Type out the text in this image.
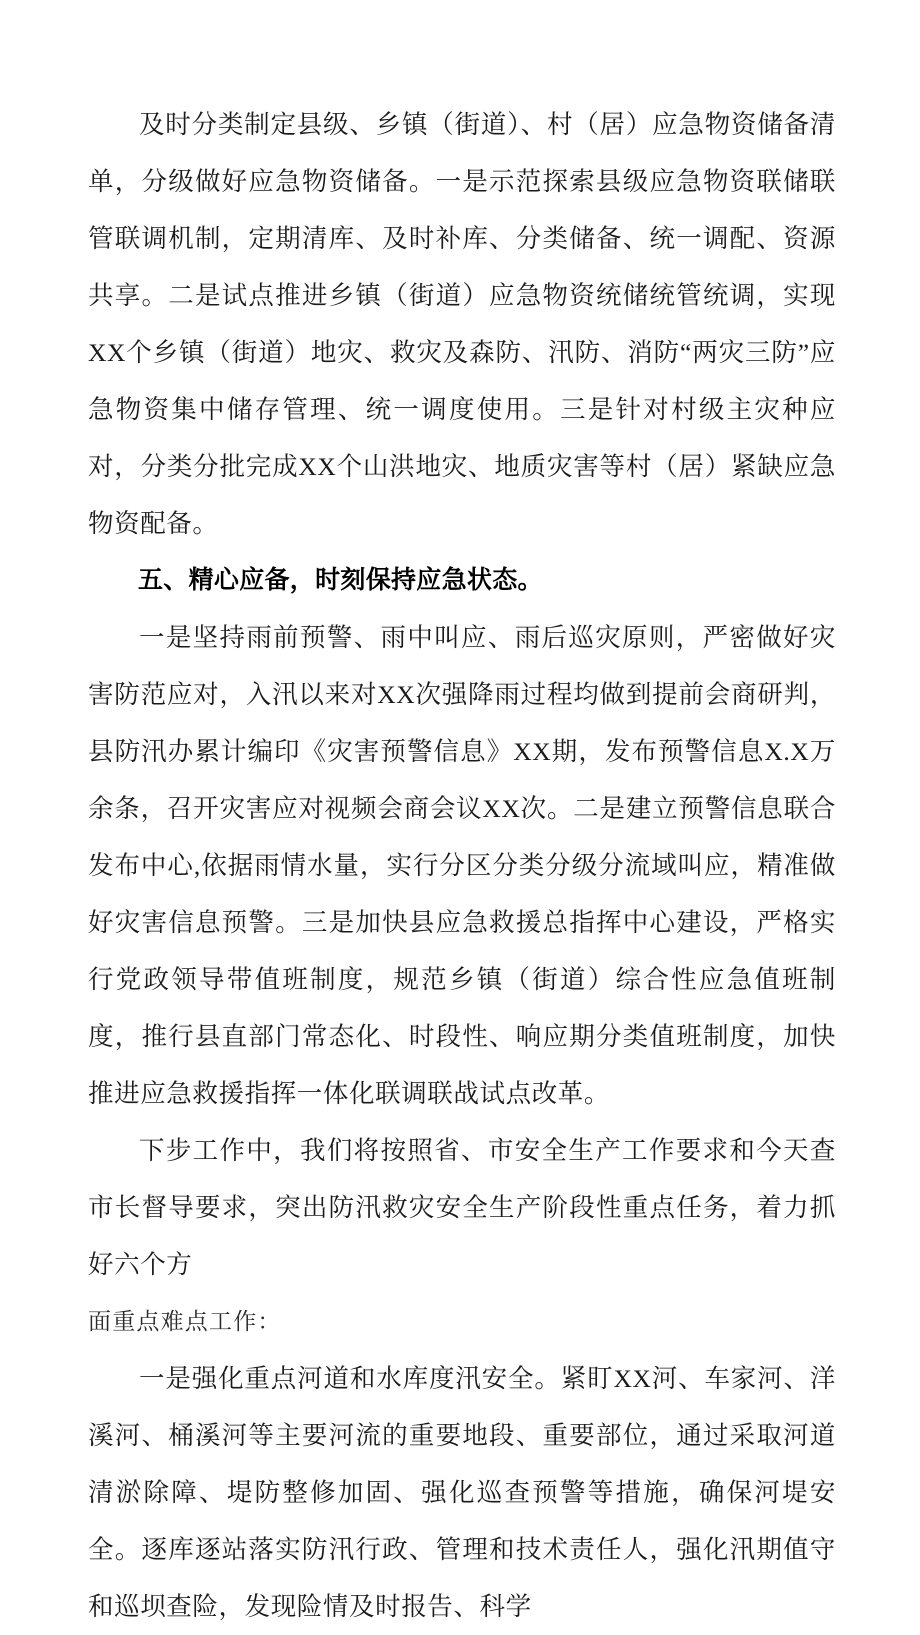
及时分类制定县级、乡镇（街道）、村（居）应急物资储备清单，分级做好应急物资储备。一是示范探索县级应急物资联储联管联调机制，定期清库、及时补库、分类储备、统一调配、资源共享。二是试点推进乡镇（街道）应急物资统储统管统调，实现XX个乡镇（街道）地灾、救灾及森防、汛防、消防“两灾三防”应急物资集中储存管理、统一调度使用。三是针对村级主灾种应对，分类分批完成XX个山洪地灾、地质灾害等村（居）紧缺应急物资配备。

五、精心应备，时刻保持应急状态。

一是坚持雨前预警、雨中叫应、雨后巡灾原则，严密做好灾害防范应对，入汛以来对XX次强降雨过程均做到提前会商研判，县防汛办累计编印《灾害预警信息》XX期，发布预警信息X.X万余条，召开灾害应对视频会商会议XX次。二是建立预警信息联合发布中心,依据雨情水量，实行分区分类分级分流域叫应，精准做好灾害信息预警。三是加快县应急救援总指挥中心建设，严格实行党政领导带值班制度，规范乡镇（街道）综合性应急值班制度，推行县直部门常态化、时段性、响应期分类值班制度，加快推进应急救援指挥一体化联调联战试点改革。

下步工作中，我们将按照省、市安全生产工作要求和今天查市长督导要求，突出防汛救灾安全生产阶段性重点任务，着力抓好六个方

面重点难点工作：

一是强化重点河道和水库度汛安全。紧盯XX河、车家河、洋溪河、桶溪河等主要河流的重要地段、重要部位，通过采取河道清淤除障、堤防整修加固、强化巡查预警等措施，确保河堤安全。逐库逐站落实防汛行政、管理和技术责任人，强化汛期值守和巡坝查险，发现险情及时报告、科学
